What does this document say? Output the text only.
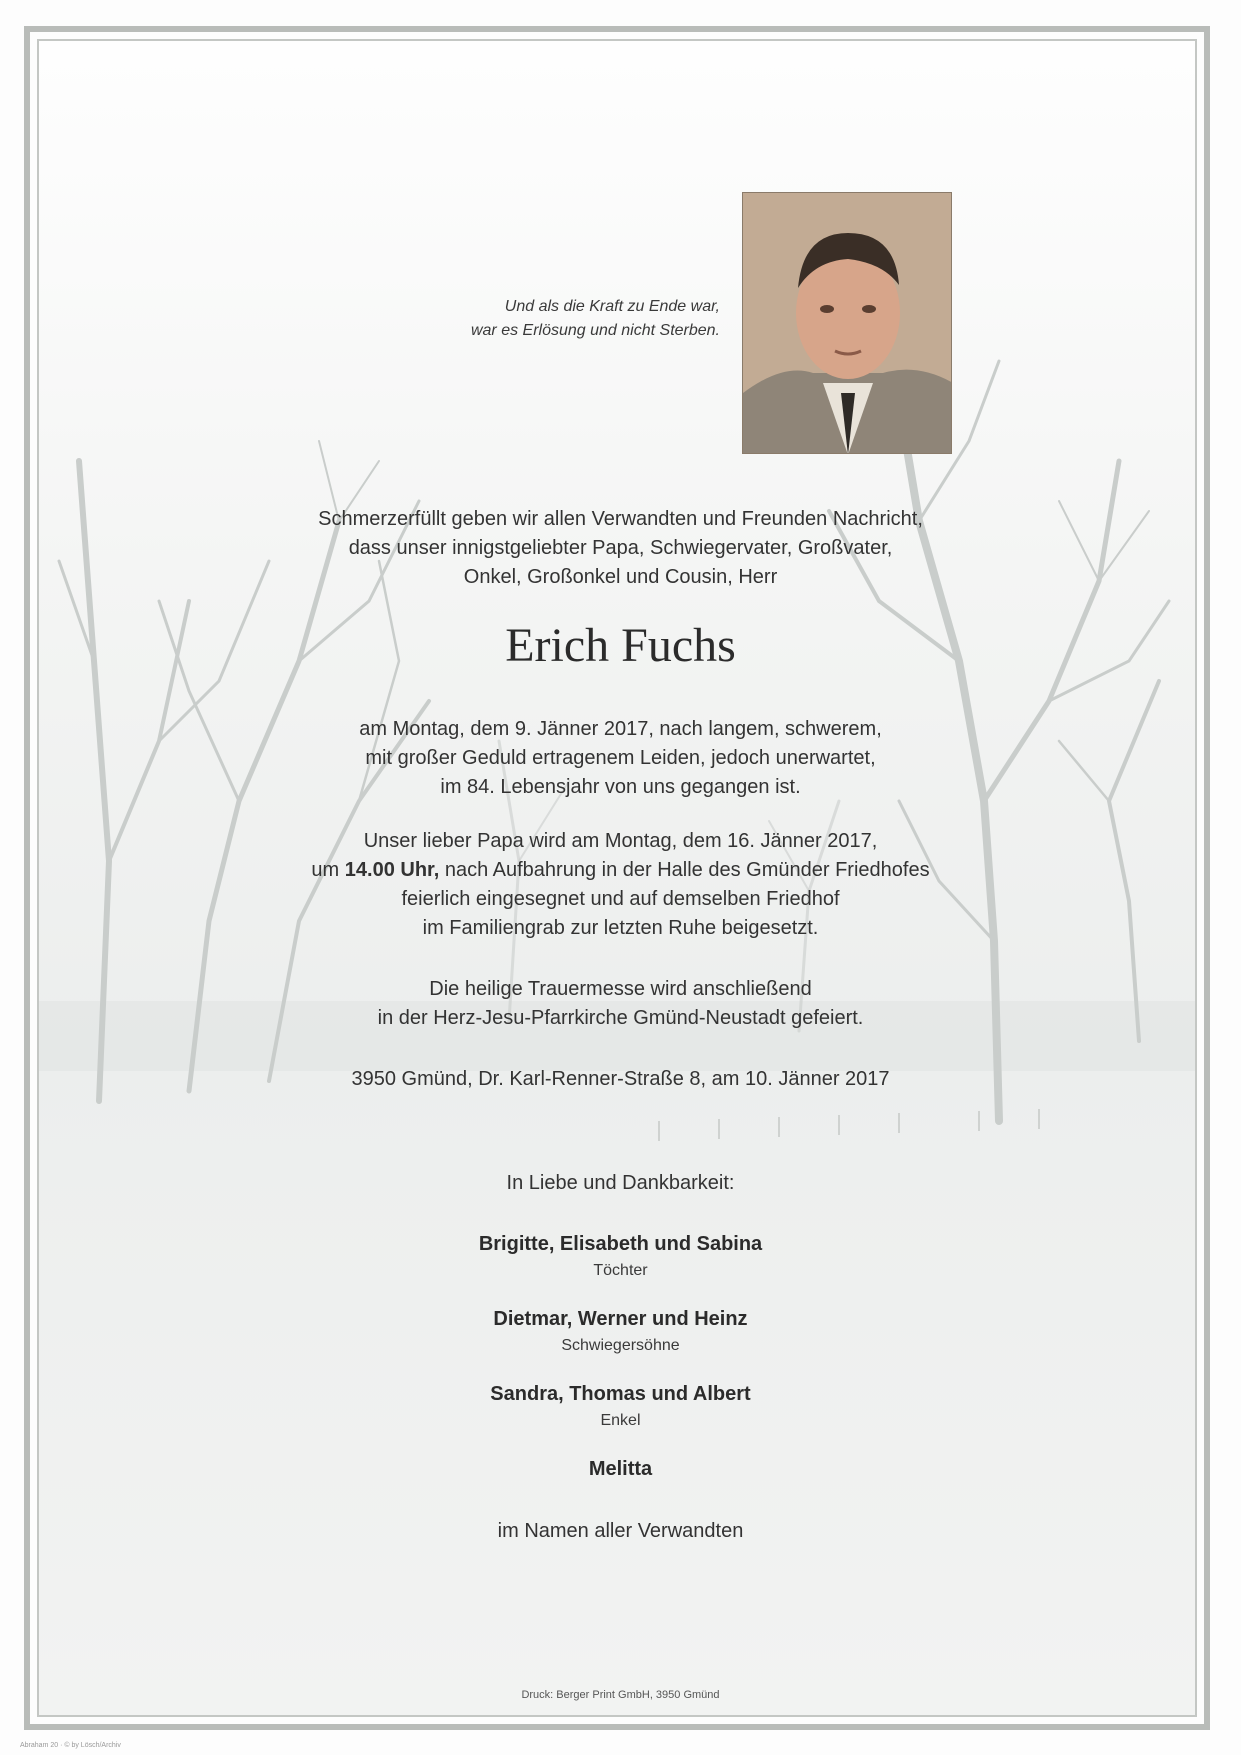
Und als die Kraft zu Ende war,
war es Erlösung und nicht Sterben.
Schmerzerfüllt geben wir allen Verwandten und Freunden Nachricht,
dass unser innigstgeliebter Papa, Schwiegervater, Großvater,
Onkel, Großonkel und Cousin, Herr
Erich Fuchs
am Montag, dem 9. Jänner 2017, nach langem, schwerem,
mit großer Geduld ertragenem Leiden, jedoch unerwartet,
im 84. Lebensjahr von uns gegangen ist.
Unser lieber Papa wird am Montag, dem 16. Jänner 2017,
um 14.00 Uhr, nach Aufbahrung in der Halle des Gmünder Friedhofes
feierlich eingesegnet und auf demselben Friedhof
im Familiengrab zur letzten Ruhe beigesetzt.
Die heilige Trauermesse wird anschließend
in der Herz-Jesu-Pfarrkirche Gmünd-Neustadt gefeiert.
3950 Gmünd, Dr. Karl-Renner-Straße 8, am 10. Jänner 2017
In Liebe und Dankbarkeit:
Brigitte, Elisabeth und Sabina
Töchter
Dietmar, Werner und Heinz
Schwiegersöhne
Sandra, Thomas und Albert
Enkel
Melitta
im Namen aller Verwandten
Druck: Berger Print GmbH, 3950 Gmünd
Abraham 20 · © by Lösch/Archiv
